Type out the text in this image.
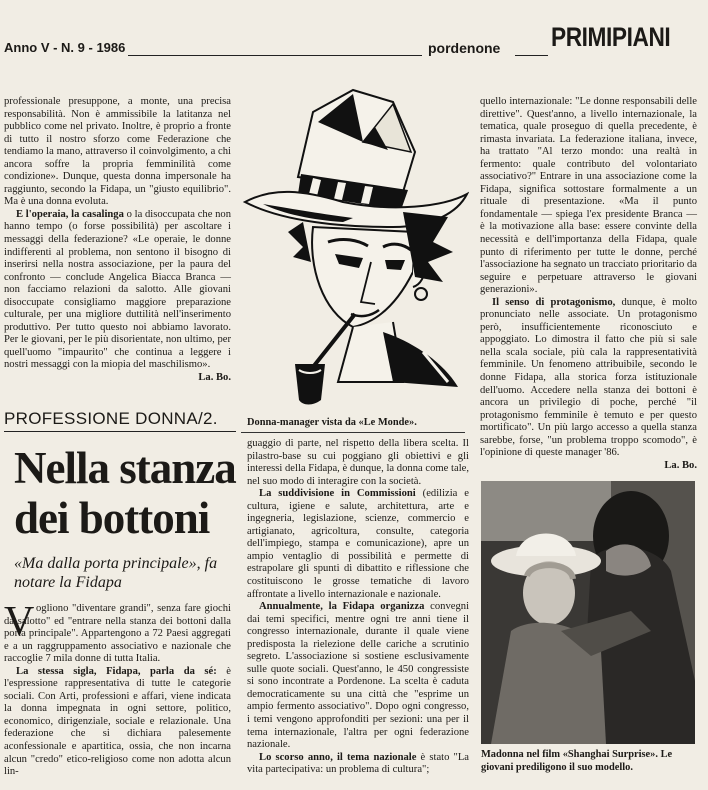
Anno V - N. 9 - 1986	pordenone PRIMIPIANI

professionale presuppone, a monte, una precisa responsabilità. Non è ammissibile la latitanza nel pubblico come nel privato. Inoltre, è proprio a fronte di tutto il nostro sforzo come Federazione che tendiamo la mano, attraverso il coinvolgimento, a chi ancora soffre la propria femminilità come condizione». Dunque, questa donna impersonale ha raggiunto, secondo la Fidapa, un "giusto equilibrio". Ma è una donna evoluta.

E l'operaia, la casalinga o la disoccupata che non hanno tempo (o forse possibilità) per ascoltare i messaggi della federazione? «Le operaie, le donne indifferenti al problema, non sentono il bisogno di inserirsi nella nostra associazione, per la paura del confronto — conclude Angelica Biacca Branca — non facciamo relazioni da salotto. Alle giovani disoccupate consigliamo maggiore preparazione culturale, per una migliore duttilità nell'inserimento produttivo. Per tutto questo noi abbiamo lavorato. Per le giovani, per le più disorientate, non ultimo, per quell'uomo "impaurito" che continua a leggere i nostri messaggi con la miopia del maschilismo».

La. Bo.
PROFESSIONE DONNA/2.
Nella stanza
dei bottoni
«Ma dalla porta principale», fa notare la Fidapa
V ogliono "diventare grandi", senza fare giochi da salotto" ed "entrare nella stanza dei bottoni dalla porta principale". Appartengono a 72 Paesi aggregati e a un raggruppamento associativo e nazionale che raccoglie 7 mila donne di tutta Italia.

La stessa sigla, Fidapa, parla da sé: è l'espressione rappresentativa di tutte le categorie sociali. Con Arti, professioni e affari, viene indicata la donna impegnata in ogni settore, politico, economico, dirigenziale, sociale e relazionale. Una federazione che si dichiara palesemente aconfessionale e apartitica, ossia, che non incarna alcun "credo" etico-religioso come non adotta alcun lin-

Donna-manager vista da «Le Monde».

guaggio di parte, nel rispetto della libera scelta. Il pilastro-base su cui poggiano gli obiettivi e gli interessi della Fidapa, è dunque, la donna come tale, nel suo modo di interagire con la società.

La suddivisione in Commissioni (edilizia e cultura, igiene e salute, architettura, arte e ingegneria, legislazione, scienze, commercio e artigianato, agricoltura, consulte, categoria dell'impiego, stampa e comunicazione), apre un ampio ventaglio di possibilità e permette di estrapolare gli spunti di dibattito e riflessione che costituiscono le grosse tematiche di lavoro affrontate a livello internazionale e nazionale.

Annualmente, la Fidapa organizza convegni dai temi specifici, mentre ogni tre anni tiene il congresso internazionale, durante il quale viene predisposta la rielezione delle cariche a scrutinio segreto. L'associazione si sostiene esclusivamente sulle quote sociali. Quest'anno, le 450 congressiste si sono incontrate a Pordenone. La scelta è caduta democraticamente su una città che "esprime un ampio fermento associativo". Dopo ogni congresso, i temi vengono approfonditi per sezioni: una per il tema internazionale, l'altra per ogni federazione nazionale.

Lo scorso anno, il tema nazionale è stato "La vita partecipativa: un problema di cultura";

quello internazionale: "Le donne responsabili delle direttive". Quest'anno, a livello internazionale, la tematica, quale proseguo di quella precedente, è rimasta invariata. La federazione italiana, invece, ha trattato "Al terzo mondo: una realtà in fermento: quale contributo del volontariato associativo?" Entrare in una associazione come la Fidapa, significa sottostare formalmente a un rituale di presentazione. «Ma il punto fondamentale — spiega l'ex presidente Branca — è la motivazione alla base: essere convinte della necessità e dell'importanza della Fidapa, quale punto di riferimento per tutte le donne, perché l'associazione ha segnato un tracciato prioritario da seguire e perpetuare attraverso le giovani generazioni».

Il senso di protagonismo, dunque, è molto pronunciato nelle associate. Un protagonismo però, insufficientemente riconosciuto e appoggiato. Lo dimostra il fatto che più si sale nella scala sociale, più cala la rappresentatività femminile. Un fenomeno attribuibile, secondo le donne Fidapa, alla storica forza istituzionale dell'uomo. Accedere nella stanza dei bottoni è ancora un privilegio di poche, perché "il protagonismo femminile è temuto e per questo mortificato". Un più largo accesso a quella stanza sarebbe, forse, "un problema troppo scomodo", è l'opinione di queste manager '86.

La. Bo.
Madonna nel film «Shanghai Surprise». Le giovani prediligono il suo modello.
